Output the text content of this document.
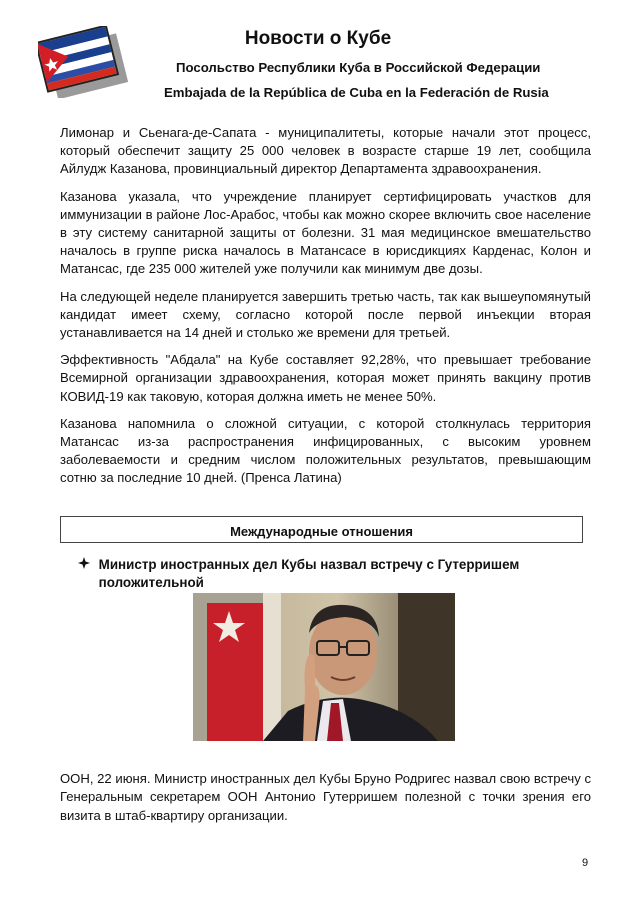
Новости о Кубе
Посольство Республики Куба в Российской Федерации
Embajada de la República de Cuba en la Federación de Rusia

Лимонар и Сьенага-де-Сапата - муниципалитеты, которые начали этот процесс, который обеспечит защиту 25 000 человек в возрасте старше 19 лет, сообщила Айлудж Казанова, провинциальный директор Департамента здравоохранения.

Казанова указала, что учреждение планирует сертифицировать участков для иммунизации в районе Лос-Арабос, чтобы как можно скорее включить свое население в эту систему санитарной защиты от болезни. 31 мая медицинское вмешательство началось в группе риска началось в Матансасе в юрисдикциях Карденас, Колон и Матансас, где 235 000 жителей уже получили как минимум две дозы.

На следующей неделе планируется завершить третью часть, так как вышеупомянутый кандидат имеет схему, согласно которой после первой инъекции вторая устанавливается на 14 дней и столько же времени для третьей.

Эффективность "Абдала" на Кубе составляет 92,28%, что превышает требование Всемирной организации здравоохранения, которая может принять вакцину против КОВИД-19 как таковую, которая должна иметь не менее 50%.

Казанова напомнила о сложной ситуации, с которой столкнулась территория Матансас из-за распространения инфицированных, с высоким уровнем заболеваемости и средним числом положительных результатов, превышающим сотню за последние 10 дней. (Пренса Латина)

Международные отношения
Министр иностранных дел Кубы назвал встречу с Гутерришем положительной

ООН, 22 июня. Министр иностранных дел Кубы Бруно Родригес назвал свою встречу с Генеральным секретарем ООН Антонио Гутерришем полезной с точки зрения его визита в штаб-квартиру организации.

9
